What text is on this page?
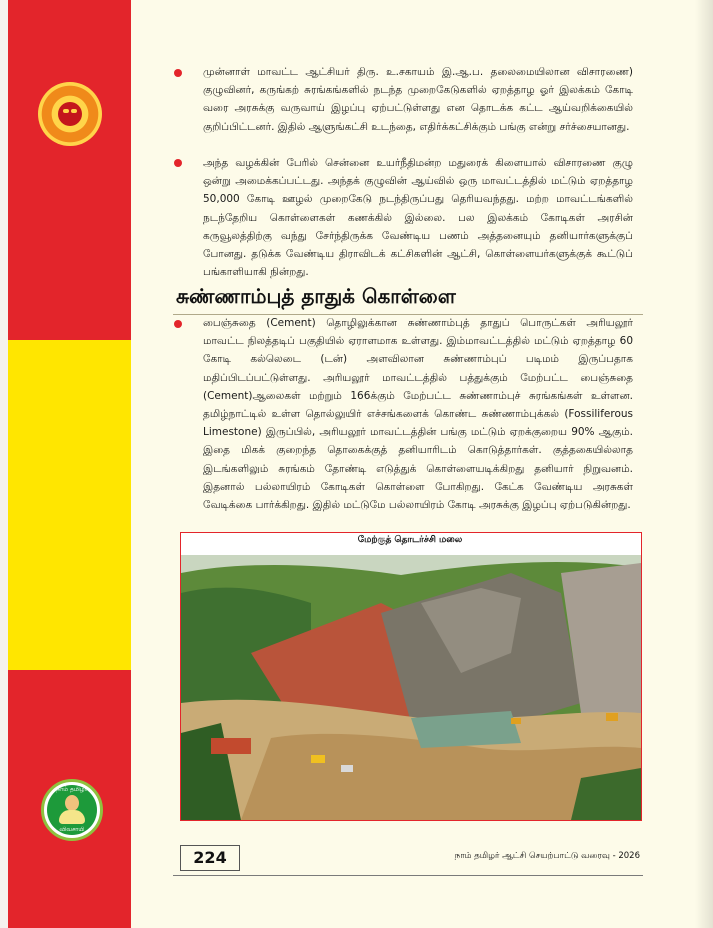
நாம் தமிழர்
விவசாயி

முன்னாள் மாவட்ட ஆட்சியர் திரு. உ.சகாயம் இ.ஆ.ப. தலைமையிலான விசாரணை) குழுவினர், கருங்கற் சுரங்கங்களில் நடந்த முறைகேடுகளில் ஏறத்தாழ ஓர் இலக்கம் கோடி வரை அரசுக்கு வருவாய் இழப்பு ஏற்பட்டுள்ளது என தொடக்க கட்ட ஆய்வறிக்கையில் குறிப்பிட்டனர். இதில் ஆளுங்கட்சி உடந்தை, எதிர்க்கட்சிக்கும் பங்கு என்று சர்ச்சையானது.

அந்த வழக்கின் பேரில் சென்னை உயர்நீதிமன்ற மதுரைக் கிளையால் விசாரணை குழு ஒன்று அமைக்கப்பட்டது. அந்தக் குழுவின் ஆய்வில் ஒரு மாவட்டத்தில் மட்டும் ஏறத்தாழ 50,000 கோடி ஊழல் முறைகேடு நடந்திருப்பது தெரியவந்தது. மற்ற மாவட்டங்களில் நடந்தேறிய கொள்ளைகள் கணக்கில் இல்லை. பல இலக்கம் கோடிகள் அரசின் கருவூலத்திற்கு வந்து சேர்ந்திருக்க வேண்டிய பணம் அத்தனையும் தனியார்களுக்குப் போனது. தடுக்க வேண்டிய திராவிடக் கட்சிகளின் ஆட்சி, கொள்ளையர்களுக்குக் கூட்டுப் பங்காளியாகி நின்றது.

சுண்ணாம்புத் தாதுக் கொள்ளை

பைஞ்சுதை (Cement) தொழிலுக்கான சுண்ணாம்புத் தாதுப் பொருட்கள் அரியலூர் மாவட்ட நிலத்தடிப் பகுதியில் ஏராளமாக உள்ளது. இம்மாவட்டத்தில் மட்டும் ஏறத்தாழ 60 கோடி கல்லெடை (டன்) அளவிலான சுண்ணாம்புப் படிமம் இருப்பதாக மதிப்பிடப்பட்டுள்ளது. அரியலூர் மாவட்டத்தில் பத்துக்கும் மேற்பட்ட பைஞ்சுதை (Cement)ஆலைகள் மற்றும் 166க்கும் மேற்பட்ட சுண்ணாம்புச் சுரங்கங்கள் உள்ளன. தமிழ்நாட்டில் உள்ள தொல்லுயிர் எச்சங்களைக் கொண்ட சுண்ணாம்புக்கல் (Fossiliferous Limestone) இருப்பில், அரியலூர் மாவட்டத்தின் பங்கு மட்டும் ஏறக்குறைய 90% ஆகும். இதை மிகக் குறைந்த தொகைக்குத் தனியாரிடம் கொடுத்தார்கள். குத்தகையில்லாத இடங்களிலும் சுரங்கம் தோண்டி எடுத்துக் கொள்ளையடிக்கிறது தனியார் நிறுவனம். இதனால் பல்லாயிரம் கோடிகள் கொள்ளை போகிறது. கேட்க வேண்டிய அரசுகள் வேடிக்கை பார்க்கிறது. இதில் மட்டுமே பல்லாயிரம் கோடி அரசுக்கு இழப்பு ஏற்படுகின்றது.

மேற்குத் தொடர்ச்சி மலை

224	நாம் தமிழர் ஆட்சி செயற்பாட்டு வரைவு - 2026
